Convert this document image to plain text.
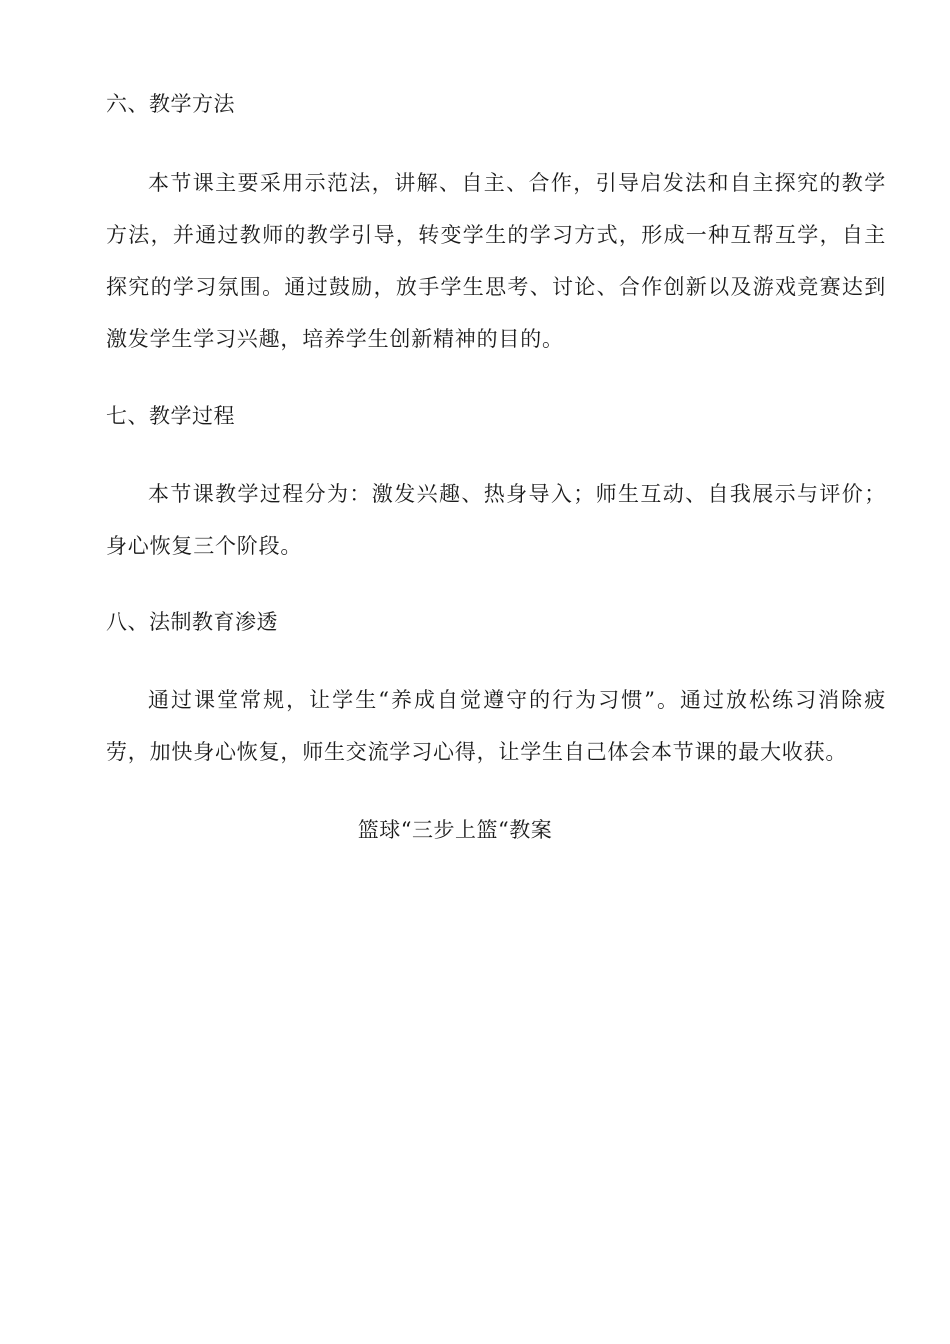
六、教学方法
本节课主要采用示范法，讲解、自主、合作，引导启发法和自主探究的教学方法，并通过教师的教学引导，转变学生的学习方式，形成一种互帮互学，自主探究的学习氛围。通过鼓励，放手学生思考、讨论、合作创新以及游戏竞赛达到激发学生学习兴趣，培养学生创新精神的目的。
七、教学过程
本节课教学过程分为：激发兴趣、热身导入；师生互动、自我展示与评价；身心恢复三个阶段。
八、法制教育渗透
通过课堂常规，让学生“养成自觉遵守的行为习惯”。通过放松练习消除疲劳，加快身心恢复，师生交流学习心得，让学生自己体会本节课的最大收获。
篮球“三步上篮“教案
